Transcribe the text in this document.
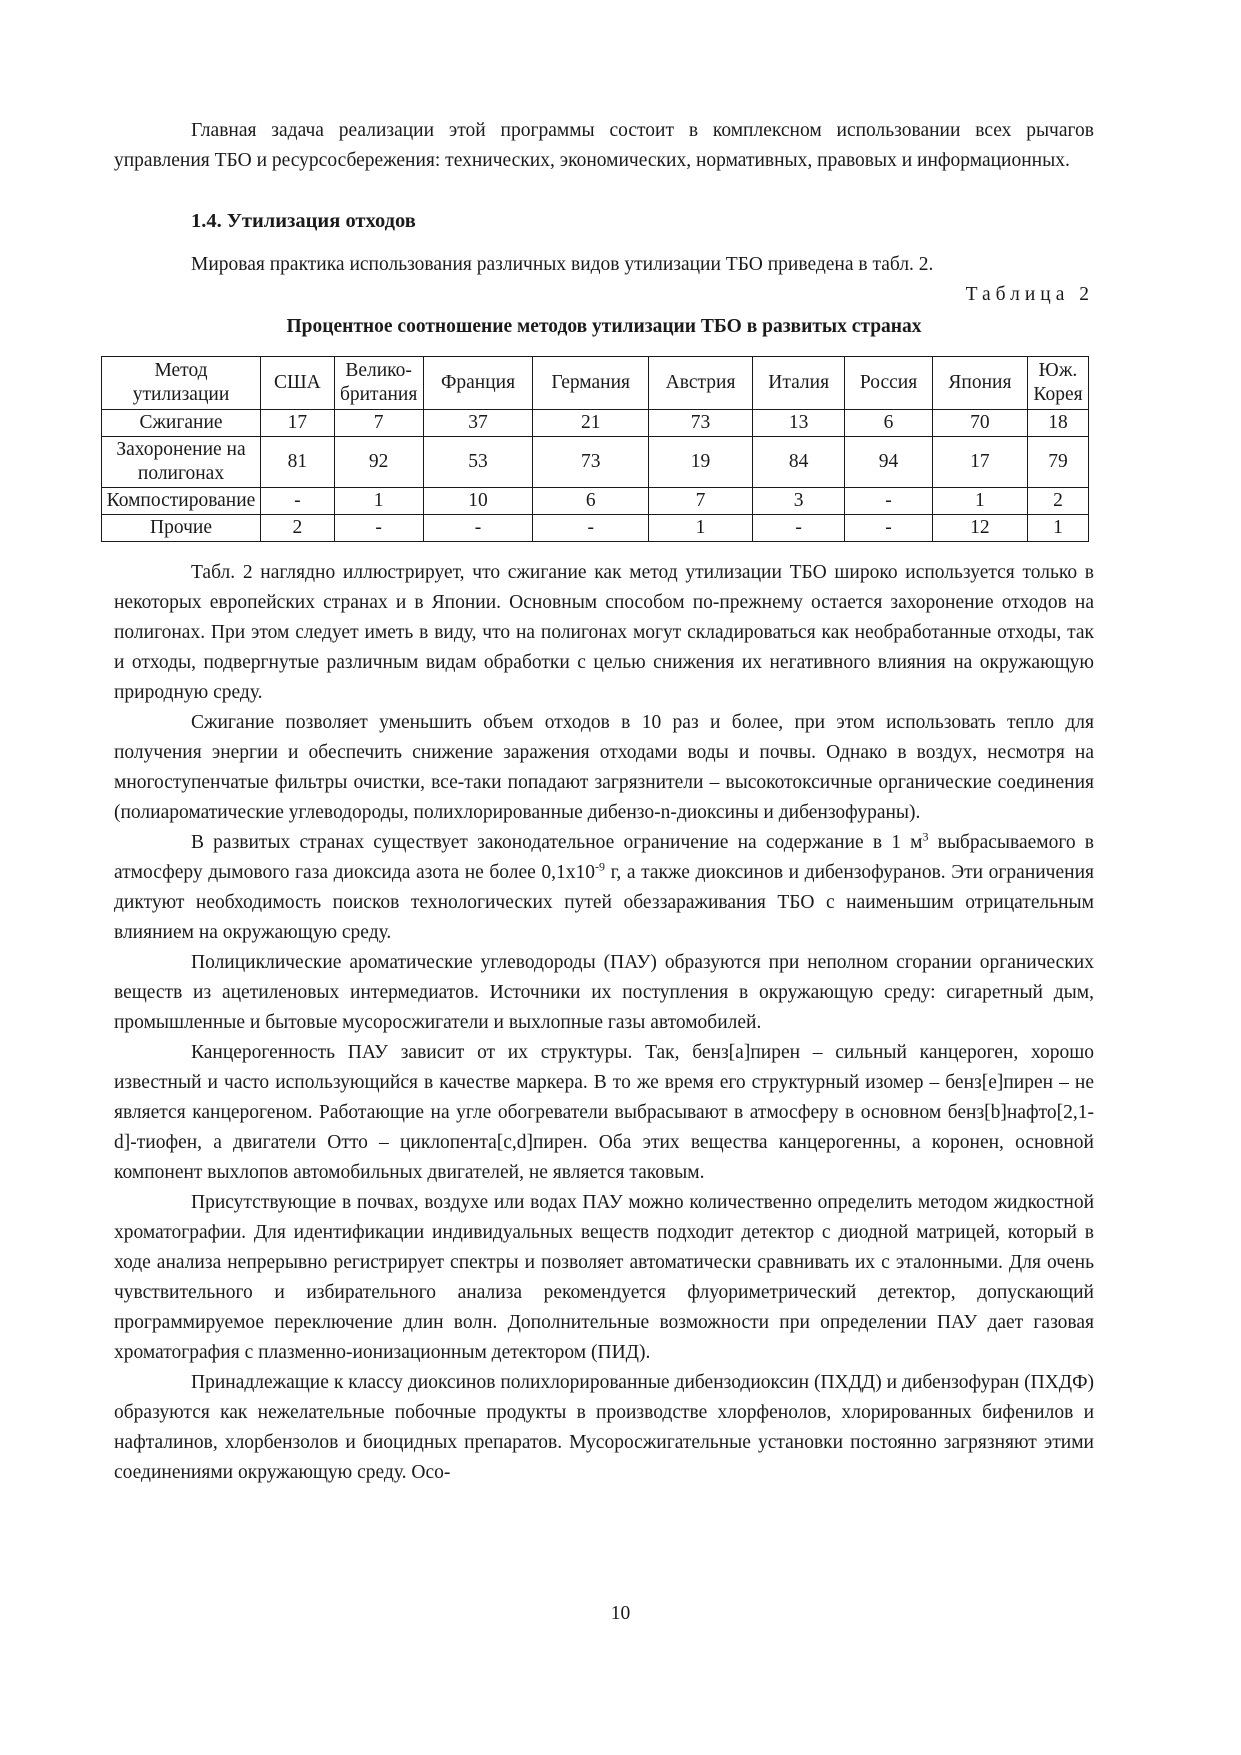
Главная задача реализации этой программы состоит в комплексном использовании всех рычагов управления ТБО и ресурсосбережения: технических, экономических, нормативных, правовых и информационных.

1.4. Утилизация отходов

Мировая практика использования различных видов утилизации ТБО приведена в табл. 2.

Таблица 2
Процентное соотношение методов утилизации ТБО в развитых странах
Метод утилизации	США	Велико-британия	Франция	Германия	Австрия	Италия	Россия	Япония	Юж. Корея
Сжигание	17	7	37	21	73	13	6	70	18
Захоронение на полигонах	81	92	53	73	19	84	94	17	79
Компостирование	-	1	10	6	7	3	-	1	2
Прочие	2	-	-	-	1	-	-	12	1

Табл. 2 наглядно иллюстрирует, что сжигание как метод утилизации ТБО широко используется только в некоторых европейских странах и в Японии. Основным способом по-прежнему остается захоронение отходов на полигонах. При этом следует иметь в виду, что на полигонах могут складироваться как необработанные отходы, так и отходы, подвергнутые различным видам обработки с целью снижения их негативного влияния на окружающую природную среду.

Сжигание позволяет уменьшить объем отходов в 10 раз и более, при этом использовать тепло для получения энергии и обеспечить снижение заражения отходами воды и почвы. Однако в воздух, несмотря на многоступенчатые фильтры очистки, все-таки попадают загрязнители – высокотоксичные органические соединения (полиароматические углеводороды, полихлорированные дибензо-n-диоксины и дибензофураны).

В развитых странах существует законодательное ограничение на содержание в 1 $м^3$ выбрасываемого в атмосферу дымового газа диоксида азота не более $0,1х10^{-9}$ г, а также диоксинов и дибензофуранов. Эти ограничения диктуют необходимость поисков технологических путей обеззараживания ТБО с наименьшим отрицательным влиянием на окружающую среду.

Полициклические ароматические углеводороды (ПАУ) образуются при неполном сгорании органических веществ из ацетиленовых интермедиатов. Источники их поступления в окружающую среду: сигаретный дым, промышленные и бытовые мусоросжигатели и выхлопные газы автомобилей.

Канцерогенность ПАУ зависит от их структуры. Так, бенз[a]пирен – сильный канцероген, хорошо известный и часто использующийся в качестве маркера. В то же время его структурный изомер – бенз[e]пирен – не является канцерогеном. Работающие на угле обогреватели выбрасывают в атмосферу в основном бенз[b]нафто[2,1-d]-тиофен, а двигатели Отто – циклопента[c,d]пирен. Оба этих вещества канцерогенны, а коронен, основной компонент выхлопов автомобильных двигателей, не является таковым.

Присутствующие в почвах, воздухе или водах ПАУ можно количественно определить методом жидкостной хроматографии. Для идентификации индивидуальных веществ подходит детектор с диодной матрицей, который в ходе анализа непрерывно регистрирует спектры и позволяет автоматически сравнивать их с эталонными. Для очень чувствительного и избирательного анализа рекомендуется флуориметрический детектор, допускающий программируемое переключение длин волн. Дополнительные возможности при определении ПАУ дает газовая хроматография с плазменно-ионизационным детектором (ПИД).

Принадлежащие к классу диоксинов полихлорированные дибензодиоксин (ПХДД) и дибензофуран (ПХДФ) образуются как нежелательные побочные продукты в производстве хлорфенолов, хлорированных бифенилов и нафталинов, хлорбензолов и биоцидных препаратов. Мусоросжигательные установки постоянно загрязняют этими соединениями окружающую среду. Осо-

10
